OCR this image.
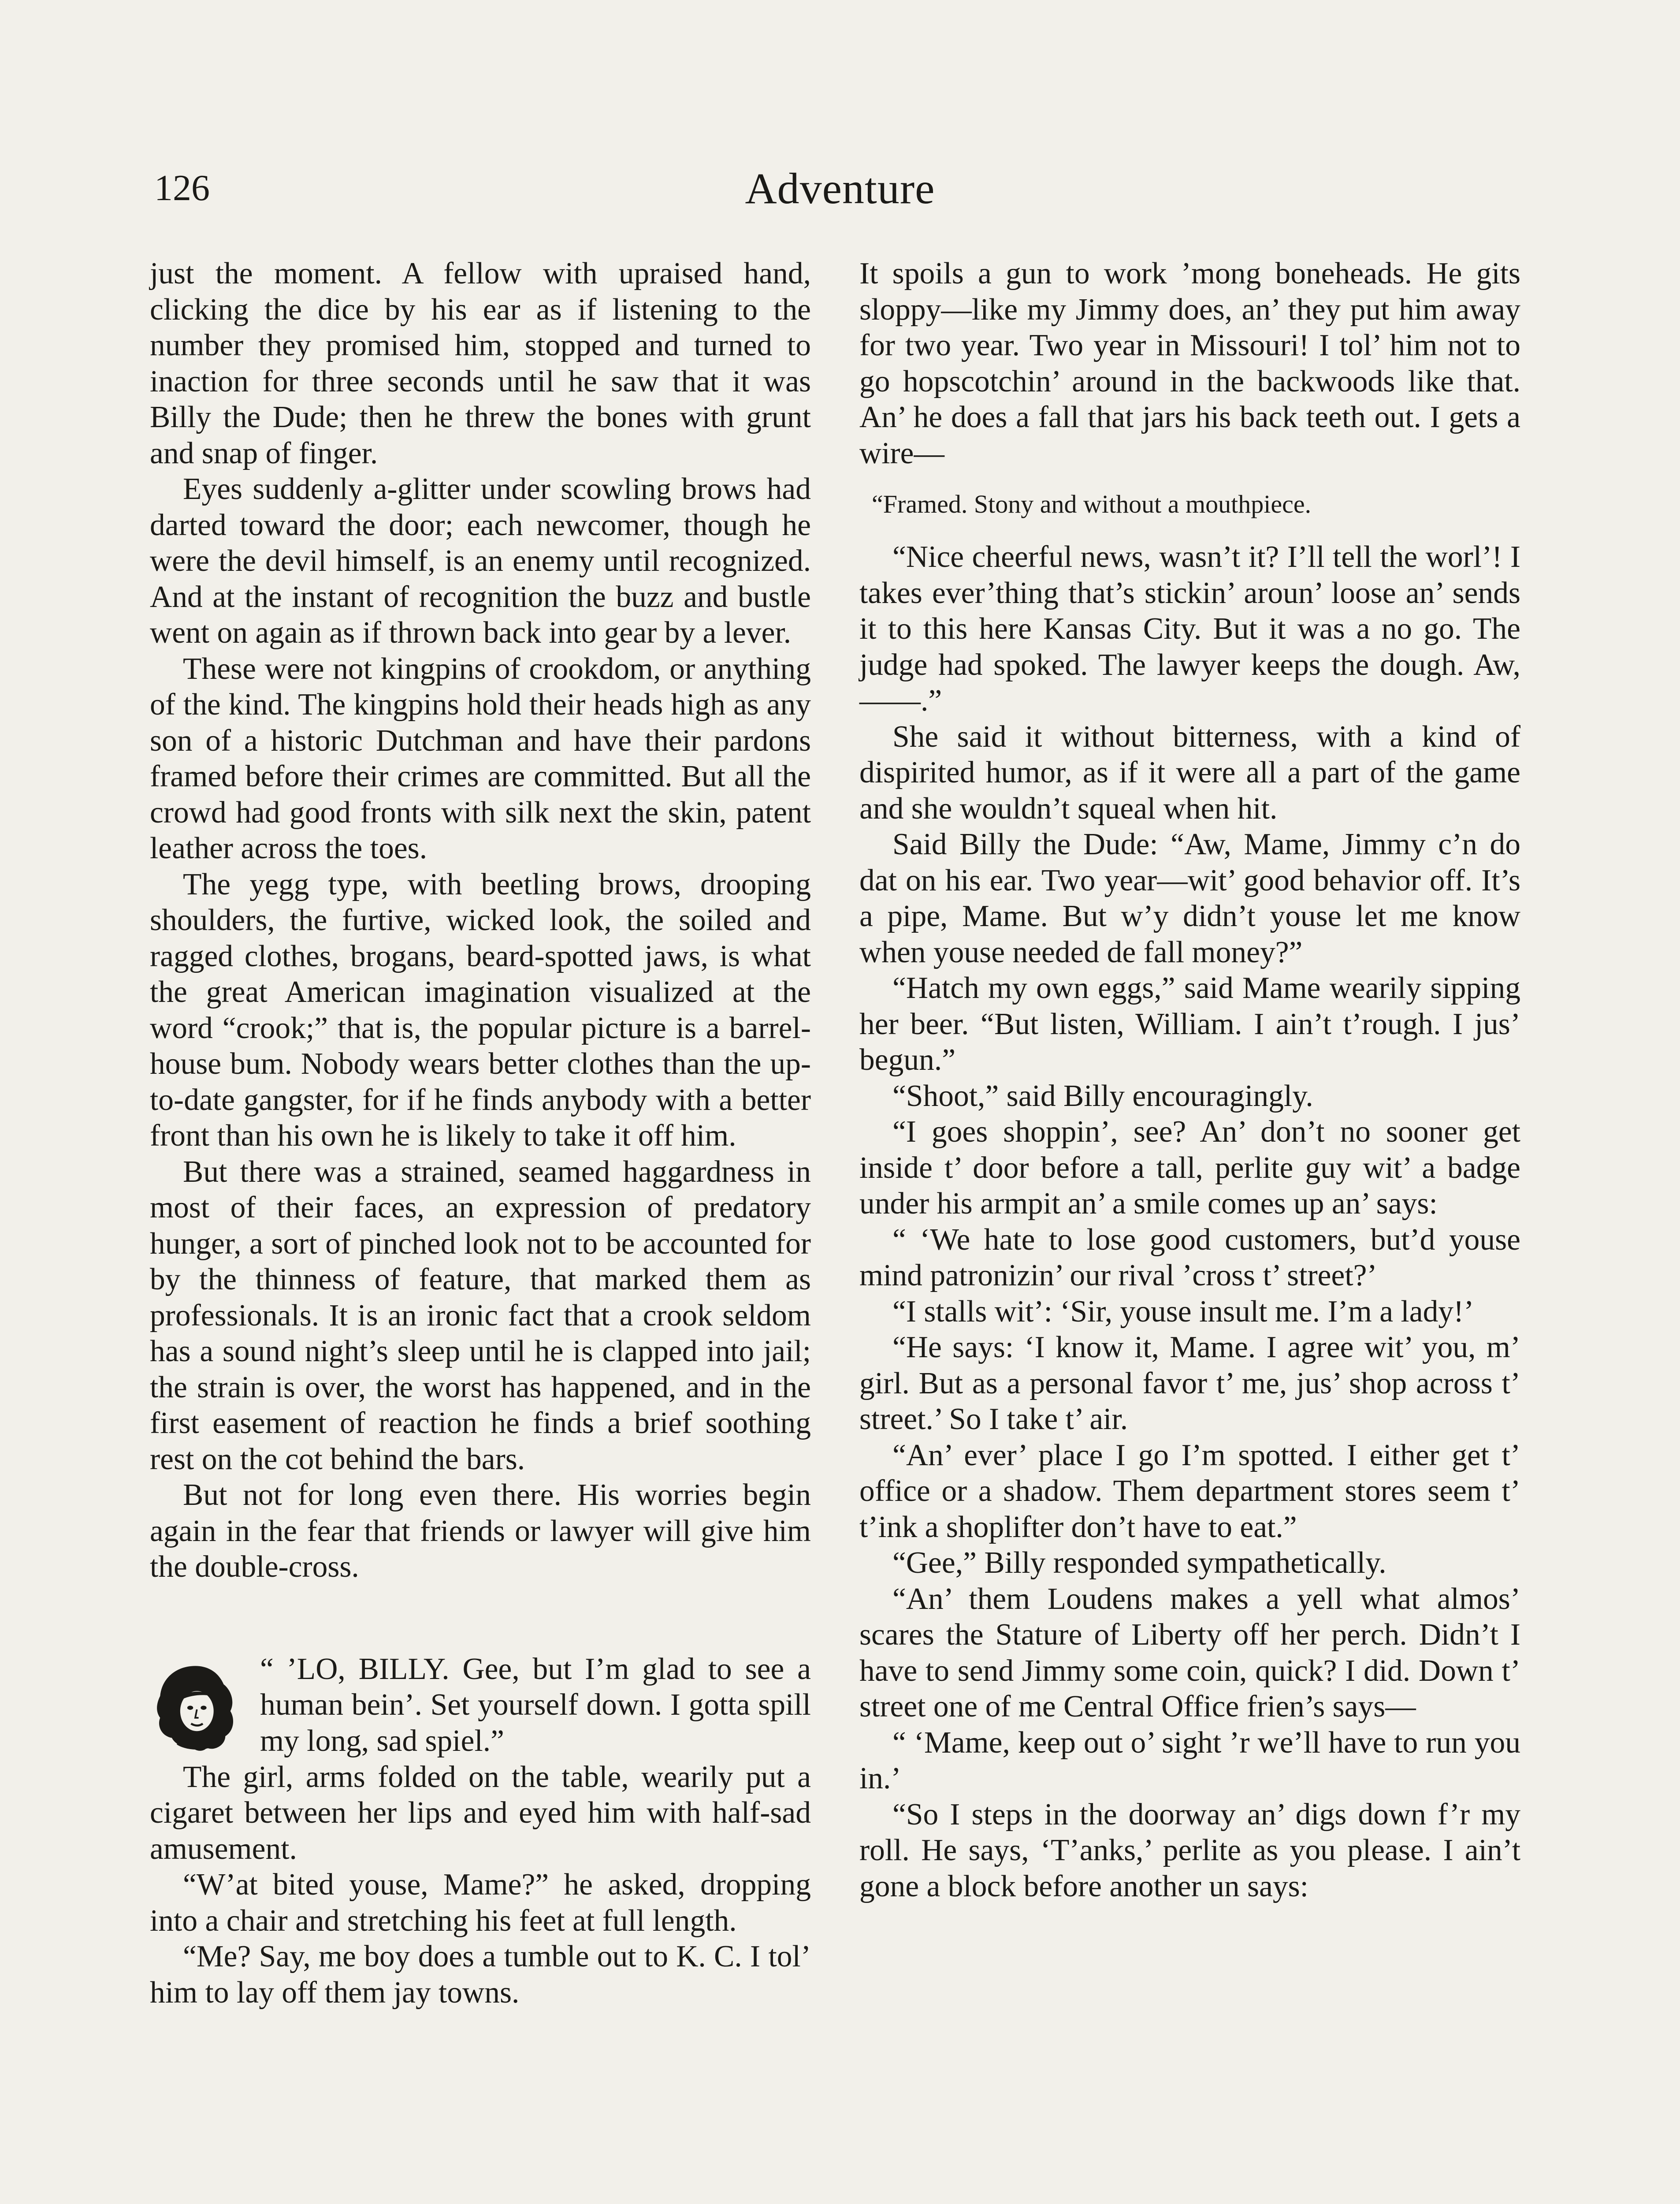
126	Adventure

just the moment. A fellow with upraised hand, clicking the dice by his ear as if listening to the number they promised him, stopped and turned to inaction for three seconds until he saw that it was Billy the Dude; then he threw the bones with grunt and snap of finger.

Eyes suddenly a-glitter under scowling brows had darted toward the door; each newcomer, though he were the devil himself, is an enemy until recognized. And at the instant of recognition the buzz and bustle went on again as if thrown back into gear by a lever.

These were not kingpins of crookdom, or anything of the kind. The kingpins hold their heads high as any son of a historic Dutchman and have their pardons framed before their crimes are committed. But all the crowd had good fronts with silk next the skin, patent leather across the toes.

The yegg type, with beetling brows, drooping shoulders, the furtive, wicked look, the soiled and ragged clothes, brogans, beard-spotted jaws, is what the great American imagination visualized at the word “crook;” that is, the popular picture is a barrel-house bum. Nobody wears better clothes than the up-to-date gangster, for if he finds anybody with a better front than his own he is likely to take it off him.

But there was a strained, seamed haggardness in most of their faces, an expression of predatory hunger, a sort of pinched look not to be accounted for by the thinness of feature, that marked them as professionals. It is an ironic fact that a crook seldom has a sound night’s sleep until he is clapped into jail; the strain is over, the worst has happened, and in the first easement of reaction he finds a brief soothing rest on the cot behind the bars.

But not for long even there. His worries begin again in the fear that friends or lawyer will give him the double-cross.

“ ’LO, BILLY. Gee, but I’m glad to see a human bein’. Set yourself down. I gotta spill my long, sad spiel.”

The girl, arms folded on the table, wearily put a cigaret between her lips and eyed him with half-sad amusement.

“W’at bited youse, Mame?” he asked, dropping into a chair and stretching his feet at full length.

“Me? Say, me boy does a tumble out to K. C. I tol’ him to lay off them jay towns.

It spoils a gun to work ’mong boneheads. He gits sloppy—like my Jimmy does, an’ they put him away for two year. Two year in Missouri! I tol’ him not to go hopscotchin’ around in the backwoods like that. An’ he does a fall that jars his back teeth out. I gets a wire—

“Framed. Stony and without a mouthpiece.

“Nice cheerful news, wasn’t it? I’ll tell the worl’! I takes ever’thing that’s stickin’ aroun’ loose an’ sends it to this here Kansas City. But it was a no go. The judge had spoked. The lawyer keeps the dough. Aw, ——.”

She said it without bitterness, with a kind of dispirited humor, as if it were all a part of the game and she wouldn’t squeal when hit.

Said Billy the Dude: “Aw, Mame, Jimmy c’n do dat on his ear. Two year—wit’ good behavior off. It’s a pipe, Mame. But w’y didn’t youse let me know when youse needed de fall money?”

“Hatch my own eggs,” said Mame wearily sipping her beer. “But listen, William. I ain’t t’rough. I jus’ begun.”

“Shoot,” said Billy encouragingly.

“I goes shoppin’, see? An’ don’t no sooner get inside t’ door before a tall, perlite guy wit’ a badge under his armpit an’ a smile comes up an’ says:

“ ‘We hate to lose good customers, but’d youse mind patronizin’ our rival ’cross t’ street?’

“I stalls wit’: ‘Sir, youse insult me. I’m a lady!’

“He says: ‘I know it, Mame. I agree wit’ you, m’ girl. But as a personal favor t’ me, jus’ shop across t’ street.’ So I take t’ air.

“An’ ever’ place I go I’m spotted. I either get t’ office or a shadow. Them department stores seem t’ t’ink a shoplifter don’t have to eat.”

“Gee,” Billy responded sympathetically.

“An’ them Loudens makes a yell what almos’ scares the Stature of Liberty off her perch. Didn’t I have to send Jimmy some coin, quick? I did. Down t’ street one of me Central Office frien’s says—

“ ‘Mame, keep out o’ sight ’r we’ll have to run you in.’

“So I steps in the doorway an’ digs down f’r my roll. He says, ‘T’anks,’ perlite as you please. I ain’t gone a block before another un says:
